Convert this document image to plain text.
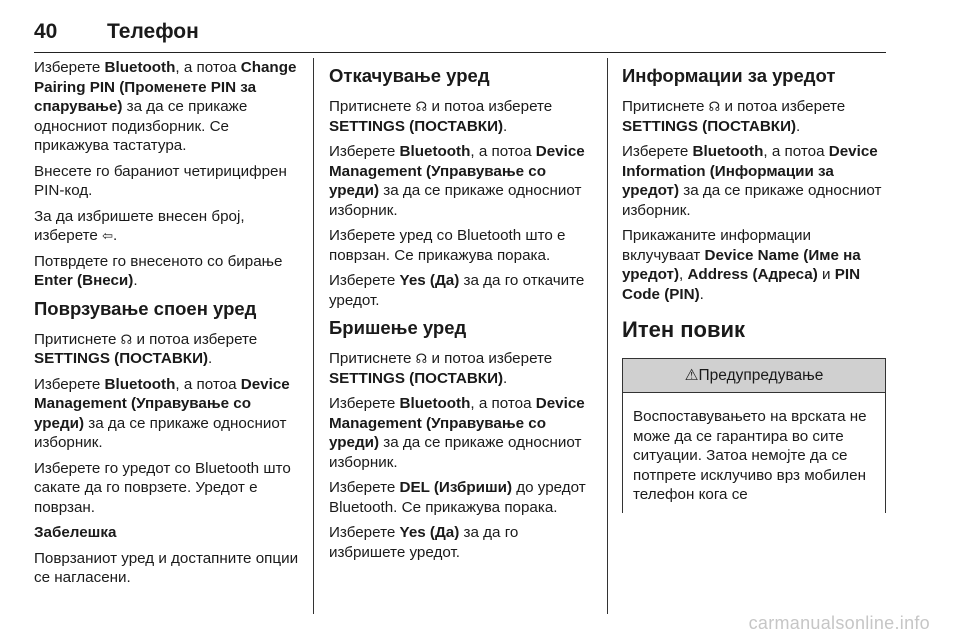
40 Телефон

Изберете Bluetooth, а потоа Change Pairing PIN (Променете PIN за спарување) за да се прикаже односниот подизборник. Се прикажува тастатура.

Внесете го бараниот четирицифрен PIN-код.

За да избришете внесен број, изберете ⇦.

Потврдете го внесеното со бирање Enter (Внеси).

Поврзување споен уред

Притиснете ☊ и потоа изберете SETTINGS (ПОСТАВКИ).

Изберете Bluetooth, а потоа Device Management (Управување со уреди) за да се прикаже односниот изборник.

Изберете го уредот со Bluetooth што сакате да го поврзете. Уредот е поврзан.

Забелешка

Поврзаниот уред и достапните опции се нагласени.

Откачување уред

Притиснете ☊ и потоа изберете SETTINGS (ПОСТАВКИ).

Изберете Bluetooth, а потоа Device Management (Управување со уреди) за да се прикаже односниот изборник.

Изберете уред со Bluetooth што е поврзан. Се прикажува порака.

Изберете Yes (Да) за да го откачите уредот.

Бришење уред

Притиснете ☊ и потоа изберете SETTINGS (ПОСТАВКИ).

Изберете Bluetooth, а потоа Device Management (Управување со уреди) за да се прикаже односниот изборник.

Изберете DEL (Избриши) до уредот Bluetooth. Се прикажува порака.

Изберете Yes (Да) за да го избришете уредот.

Информации за уредот

Притиснете ☊ и потоа изберете SETTINGS (ПОСТАВКИ).

Изберете Bluetooth, а потоа Device Information (Информации за уредот) за да се прикаже односниот изборник.

Прикажаните информации вклучуваат Device Name (Име на уредот), Address (Адреса) и PIN Code (PIN).

Итен повик
⚠Предупредување
Воспоставувањето на врската не може да се гарантира во сите ситуации. Затоа немојте да се потпрете исклучиво врз мобилен телефон кога се
carmanualsonline.info
